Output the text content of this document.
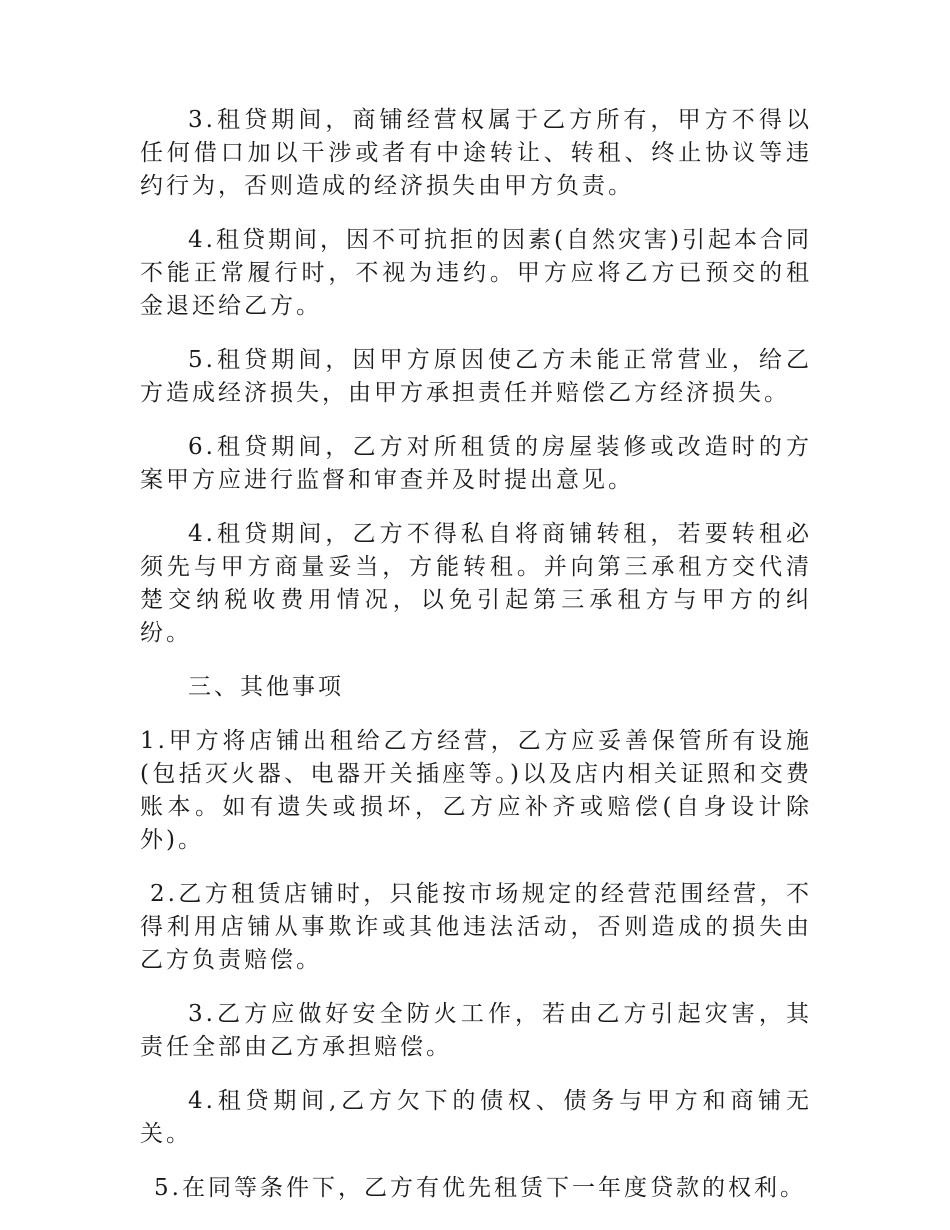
3.租贷期间，商铺经营权属于乙方所有，甲方不得以任何借口加以干涉或者有中途转让、转租、终止协议等违约行为，否则造成的经济损失由甲方负责。

4.租贷期间，因不可抗拒的因素(自然灾害)引起本合同不能正常履行时，不视为违约。甲方应将乙方已预交的租金退还给乙方。

5.租贷期间，因甲方原因使乙方未能正常营业，给乙方造成经济损失，由甲方承担责任并赔偿乙方经济损失。

6.租贷期间，乙方对所租赁的房屋装修或改造时的方案甲方应进行监督和审查并及时提出意见。

4.租贷期间，乙方不得私自将商铺转租，若要转租必须先与甲方商量妥当，方能转租。并向第三承租方交代清楚交纳税收费用情况，以免引起第三承租方与甲方的纠纷。

三、其他事项

1.甲方将店铺出租给乙方经营，乙方应妥善保管所有设施(包括灭火器、电器开关插座等。)以及店内相关证照和交费账本。如有遗失或损坏，乙方应补齐或赔偿(自身设计除外)。

2.乙方租赁店铺时，只能按市场规定的经营范围经营，不得利用店铺从事欺诈或其他违法活动，否则造成的损失由乙方负责赔偿。

3.乙方应做好安全防火工作，若由乙方引起灾害，其责任全部由乙方承担赔偿。

4.租贷期间,乙方欠下的债权、债务与甲方和商铺无关。

5.在同等条件下，乙方有优先租赁下一年度贷款的权利。
